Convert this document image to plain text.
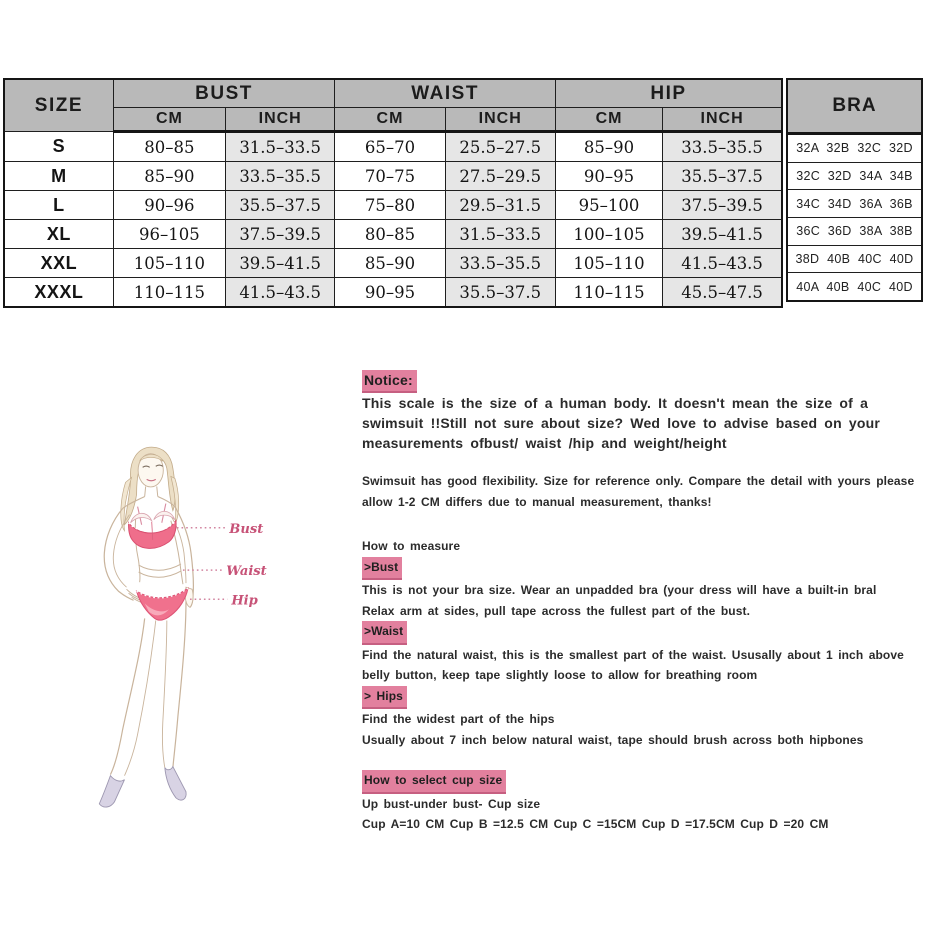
SIZE	BUST		WAIST		HIP	
	CM	INCH	CM	INCH	CM	INCH
S	80–85	31.5–33.5	65–70	25.5–27.5	85–90	33.5–35.5
M	85–90	33.5–35.5	70–75	27.5–29.5	90–95	35.5–37.5
L	90–96	35.5–37.5	75–80	29.5–31.5	95–100	37.5–39.5
XL	96–105	37.5–39.5	80–85	31.5–33.5	100–105	39.5–41.5
XXL	105–110	39.5–41.5	85–90	33.5–35.5	105–110	41.5–43.5
XXXL	110–115	41.5–43.5	90–95	35.5–37.5	110–115	45.5–47.5
BRA
32A 32B 32C 32D
32C 32D 34A 34B
34C 34D 36A 36B
36C 36D 38A 38B
38D 40B 40C 40D
40A 40B 40C 40D
Bust
Waist
Hip
Notice:
This scale is the size of a human body. It doesn't mean the size of a
swimsuit !!Still not sure about size? Wed love to advise based on your
measurements ofbust/ waist /hip and weight/height
Swimsuit has good flexibility. Size for reference only. Compare the detail with yours please
allow 1-2 CM differs due to manual measurement, thanks!
How to measure
>Bust
This is not your bra size. Wear an unpadded bra (your dress will have a built-in bral
Relax arm at sides, pull tape across the fullest part of the bust.
>Waist
Find the natural waist, this is the smallest part of the waist. Ususally about 1 inch above
belly button, keep tape slightly loose to allow for breathing room
> Hips
Find the widest part of the hips
Usually about 7 inch below natural waist, tape should brush across both hipbones
How to select cup size
Up bust-under bust- Cup size
Cup A=10 CM Cup B =12.5 CM Cup C =15CM Cup D =17.5CM Cup D =20 CM
